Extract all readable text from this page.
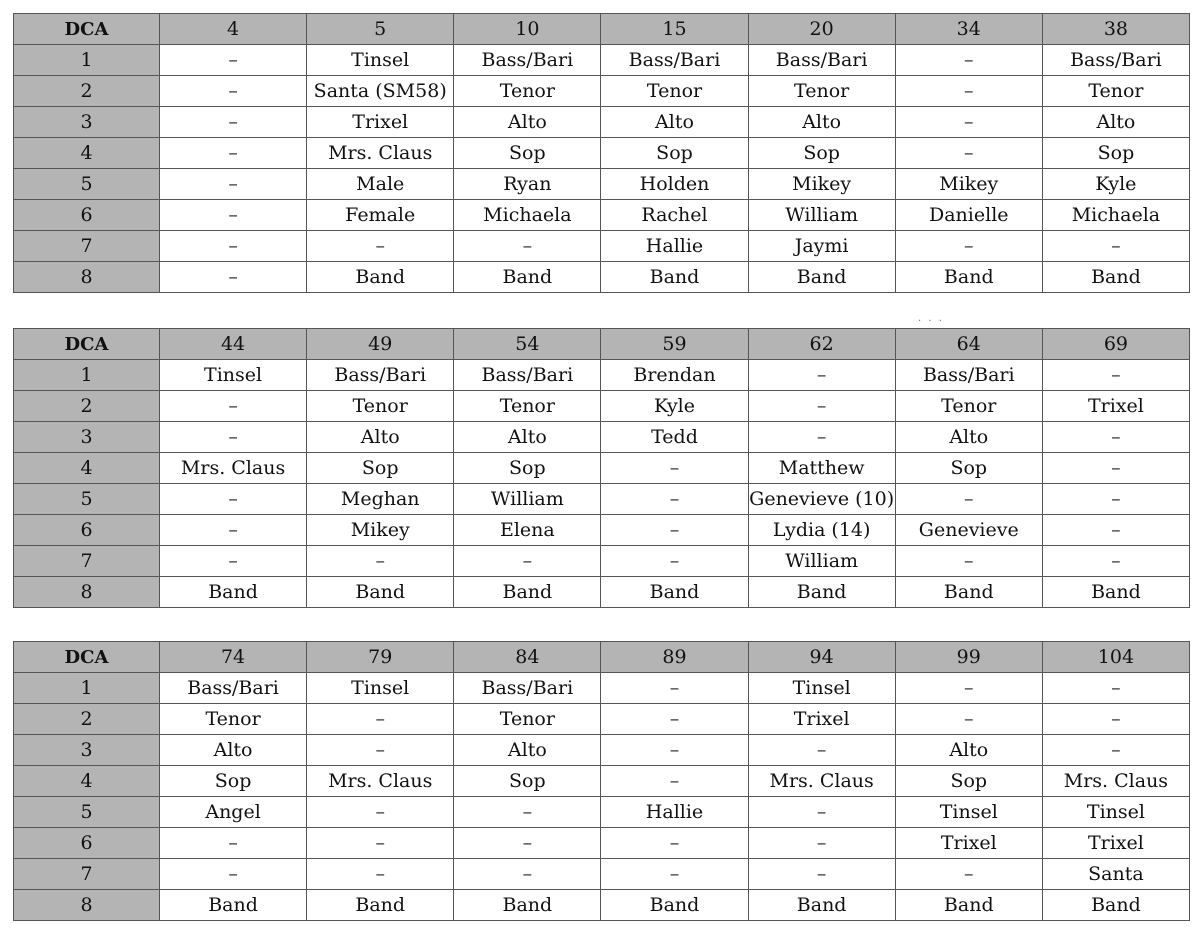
DCA	4	5	10	15	20	34	38
1	–	Tinsel	Bass/Bari	Bass/Bari	Bass/Bari	–	Bass/Bari
2	–	Santa (SM58)	Tenor	Tenor	Tenor	–	Tenor
3	–	Trixel	Alto	Alto	Alto	–	Alto
4	–	Mrs. Claus	Sop	Sop	Sop	–	Sop
5	–	Male	Ryan	Holden	Mikey	Mikey	Kyle
6	–	Female	Michaela	Rachel	William	Danielle	Michaela
7	–	–	–	Hallie	Jaymi	–	–
8	–	Band	Band	Band	Band	Band	Band
· · ·
DCA	44	49	54	59	62	64	69
1	Tinsel	Bass/Bari	Bass/Bari	Brendan	–	Bass/Bari	–
2	–	Tenor	Tenor	Kyle	–	Tenor	Trixel
3	–	Alto	Alto	Tedd	–	Alto	–
4	Mrs. Claus	Sop	Sop	–	Matthew	Sop	–
5	–	Meghan	William	–	Genevieve (10)	–	–
6	–	Mikey	Elena	–	Lydia (14)	Genevieve	–
7	–	–	–	–	William	–	–
8	Band	Band	Band	Band	Band	Band	Band
DCA	74	79	84	89	94	99	104
1	Bass/Bari	Tinsel	Bass/Bari	–	Tinsel	–	–
2	Tenor	–	Tenor	–	Trixel	–	–
3	Alto	–	Alto	–	–	Alto	–
4	Sop	Mrs. Claus	Sop	–	Mrs. Claus	Sop	Mrs. Claus
5	Angel	–	–	Hallie	–	Tinsel	Tinsel
6	–	–	–	–	–	Trixel	Trixel
7	–	–	–	–	–	–	Santa
8	Band	Band	Band	Band	Band	Band	Band
